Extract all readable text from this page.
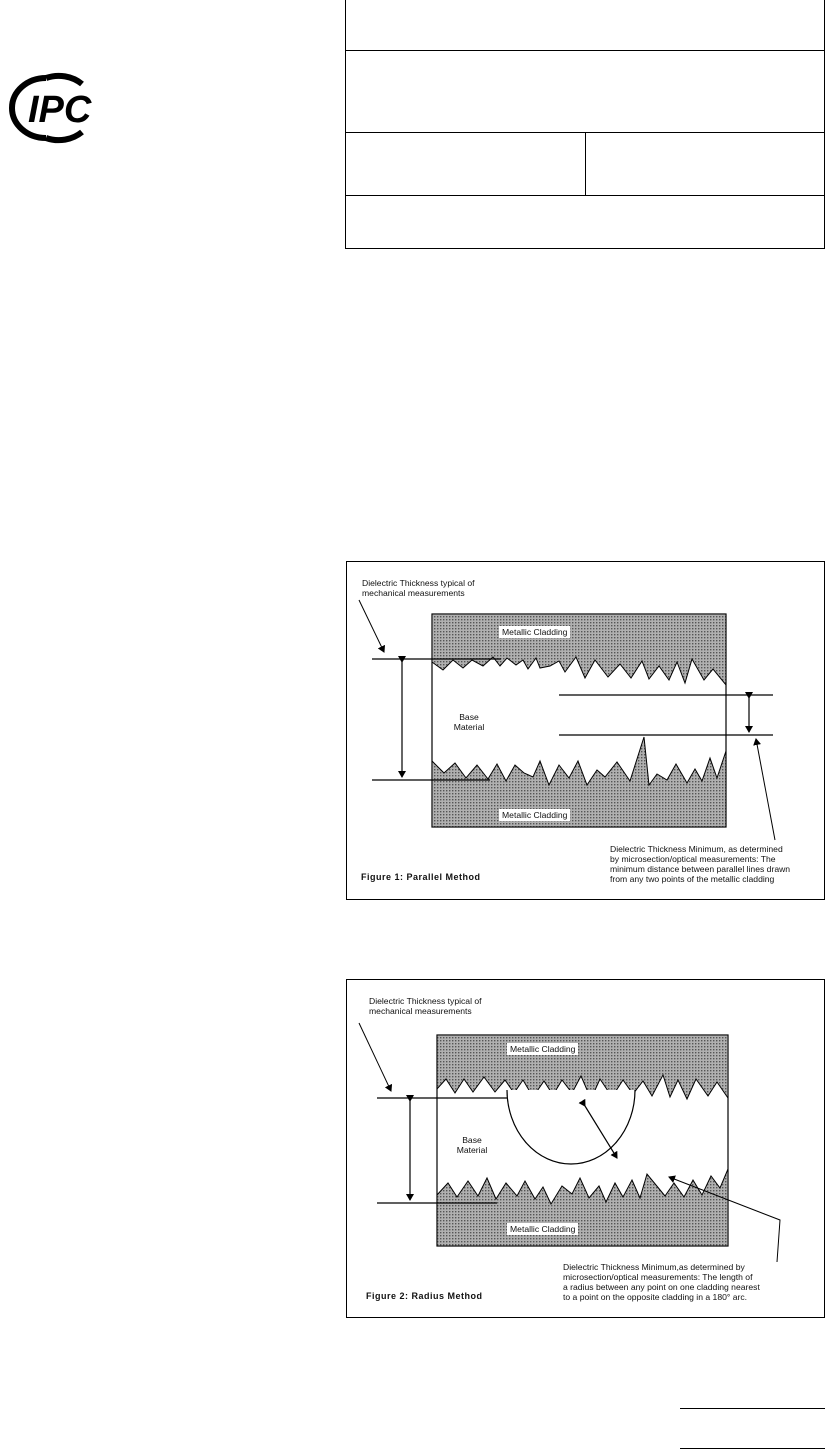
IPC
Dielectric Thickness typical of
mechanical measurements
Metallic Cladding
Metallic Cladding
Base
Material
Dielectric Thickness Minimum, as determined
by microsection/optical measurements: The
minimum distance between parallel lines drawn
from any two points of the metallic cladding
Figure 1: Parallel Method
Dielectric Thickness typical of
mechanical measurements
Metallic Cladding
Metallic Cladding
Base
Material
Dielectric Thickness Minimum,as determined by
microsection/optical measurements: The length of
a radius between any point on one cladding nearest
to a point on the opposite cladding in a 180° arc.
Figure 2: Radius Method
